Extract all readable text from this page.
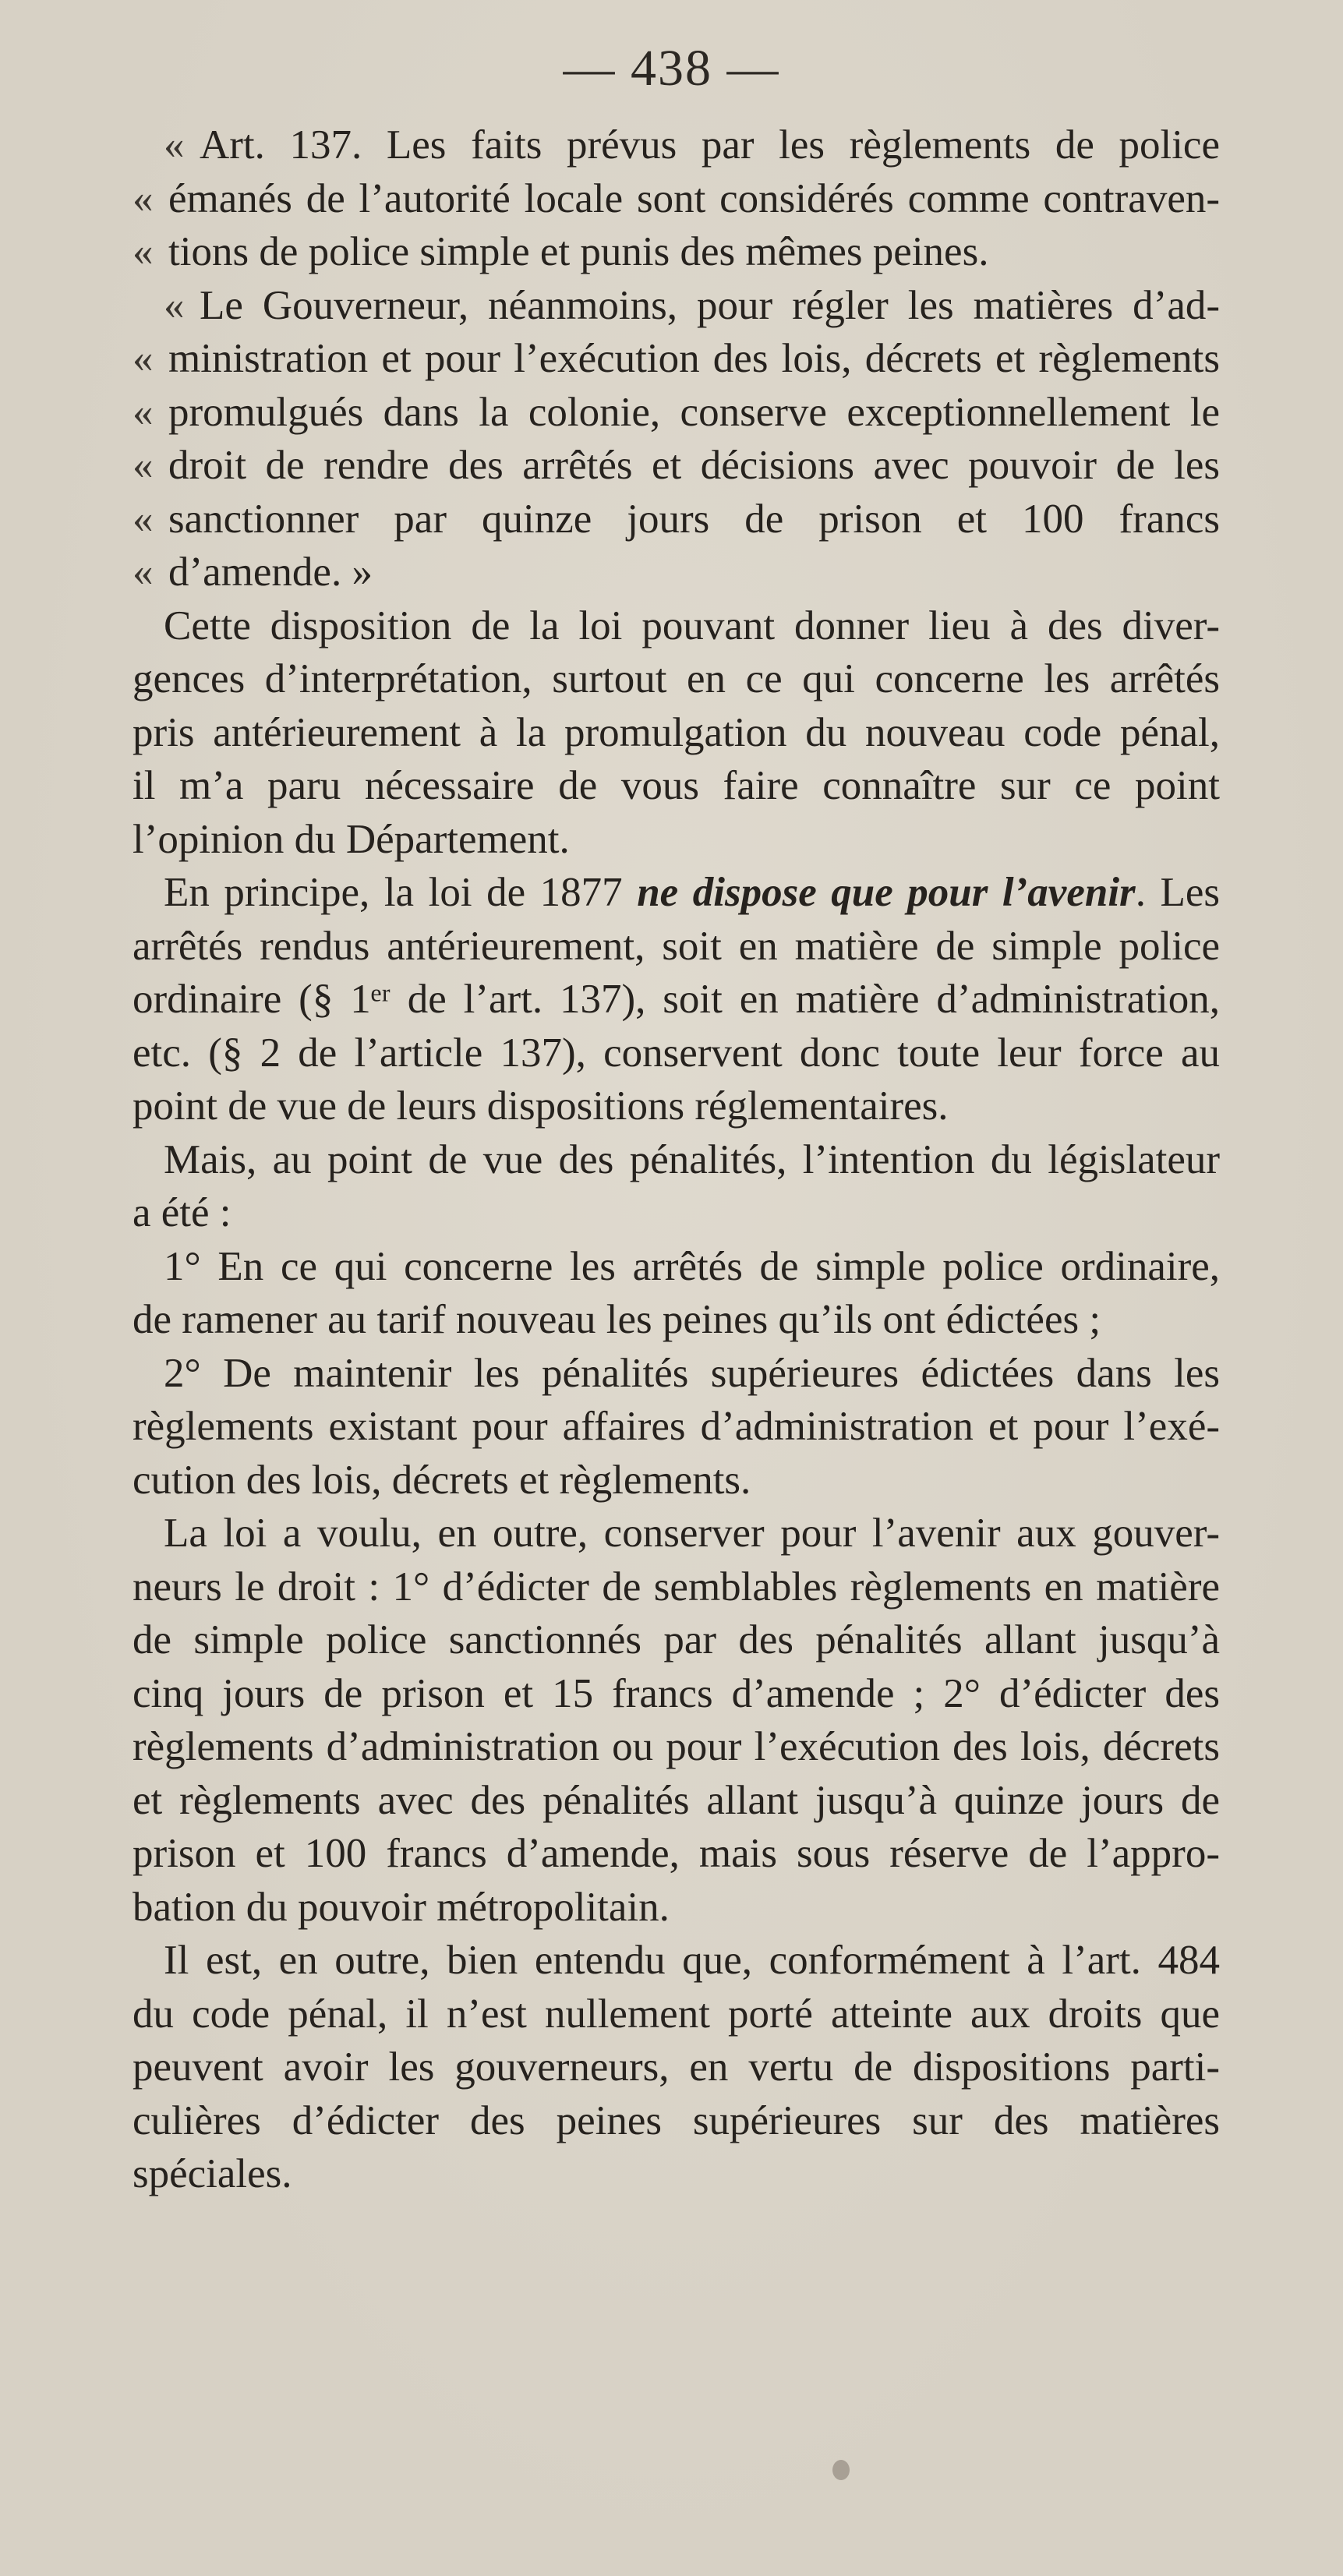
— 438 —
« Art. 137. Les faits prévus par les règlements de police
« émanés de l’autorité locale sont considérés comme contraven-
« tions de police simple et punis des mêmes peines.
« Le Gouverneur, néanmoins, pour régler les matières d’ad-
« ministration et pour l’exécution des lois, décrets et règlements
« promulgués dans la colonie, conserve exceptionnellement le
« droit de rendre des arrêtés et décisions avec pouvoir de les
« sanctionner par quinze jours de prison et 100 francs
« d’amende. »
Cette disposition de la loi pouvant donner lieu à des diver-
gences d’interprétation, surtout en ce qui concerne les arrêtés
pris antérieurement à la promulgation du nouveau code pénal,
il m’a paru nécessaire de vous faire connaître sur ce point
l’opinion du Département.
En principe, la loi de 1877 ne dispose que pour l’avenir. Les
arrêtés rendus antérieurement, soit en matière de simple police
ordinaire (§ 1ᵉʳ de l’art. 137), soit en matière d’administration,
etc. (§ 2 de l’article 137), conservent donc toute leur force au
point de vue de leurs dispositions réglementaires.
Mais, au point de vue des pénalités, l’intention du législateur
a été :
1° En ce qui concerne les arrêtés de simple police ordinaire,
de ramener au tarif nouveau les peines qu’ils ont édictées ;
2° De maintenir les pénalités supérieures édictées dans les
règlements existant pour affaires d’administration et pour l’exé-
cution des lois, décrets et règlements.
La loi a voulu, en outre, conserver pour l’avenir aux gouver-
neurs le droit : 1° d’édicter de semblables règlements en matière
de simple police sanctionnés par des pénalités allant jusqu’à
cinq jours de prison et 15 francs d’amende ; 2° d’édicter des
règlements d’administration ou pour l’exécution des lois, décrets
et règlements avec des pénalités allant jusqu’à quinze jours de
prison et 100 francs d’amende, mais sous réserve de l’appro-
bation du pouvoir métropolitain.
Il est, en outre, bien entendu que, conformément à l’art. 484
du code pénal, il n’est nullement porté atteinte aux droits que
peuvent avoir les gouverneurs, en vertu de dispositions parti-
culières d’édicter des peines supérieures sur des matières
spéciales.
